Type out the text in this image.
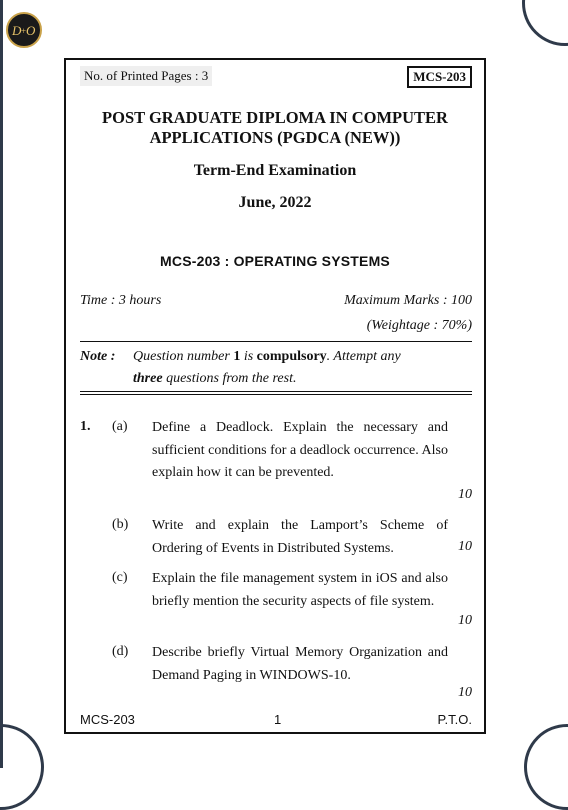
D + O
No. of Printed Pages : 3	MCS-203
POST GRADUATE DIPLOMA IN COMPUTER
APPLICATIONS (PGDCA (NEW))
Term-End Examination
June, 2022
MCS-203 : OPERATING SYSTEMS
Time : 3 hours	Maximum Marks : 100
(Weightage : 70%)
Note : Question number 1 is compulsory. Attempt any
three questions from the rest.
1. (a) Define a Deadlock. Explain the necessary and sufficient conditions for a deadlock occurrence. Also explain how it can be prevented.
10
(b) Write and explain the Lamport’s Scheme of Ordering of Events in Distributed Systems.	10
(c) Explain the file management system in iOS and also briefly mention the security aspects of file system.
10
(d) Describe briefly Virtual Memory Organization and Demand Paging in WINDOWS-10.
10
MCS-203	1	P.T.O.
